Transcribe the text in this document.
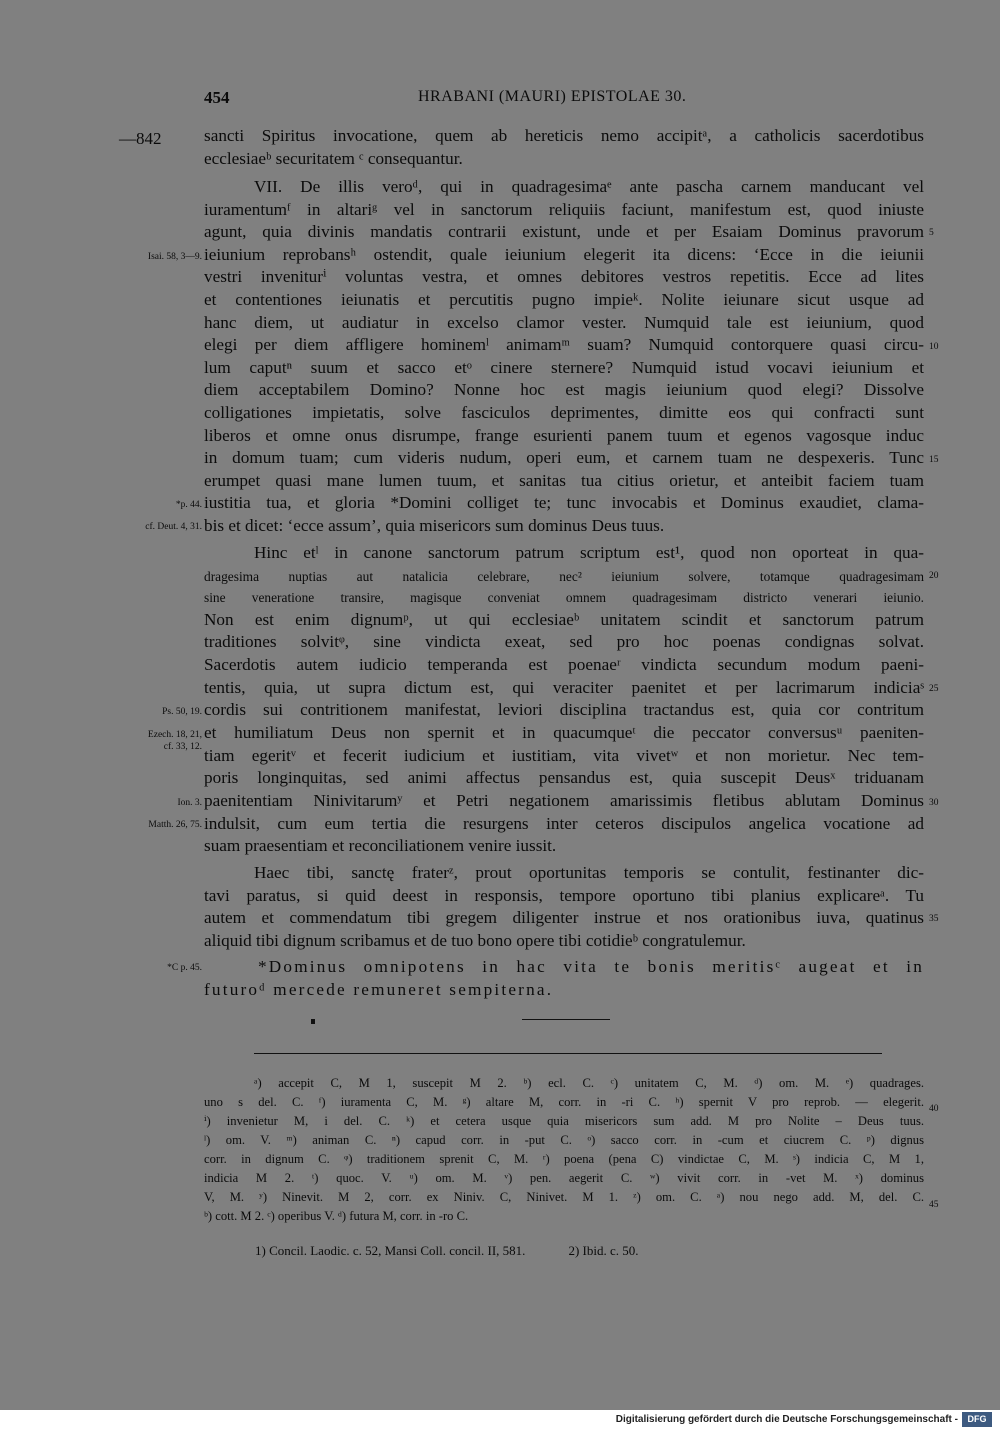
454	HRABANI (MAURI) EPISTOLAE 30.
—842 sancti Spiritus invocatione, quem ab hereticis nemo accipitᵃ, a catholicis sacerdotibus
ecclesiaeᵇ securitatem ᶜ consequantur.
VII. De illis veroᵈ, qui in quadragesimaᵉ ante pascha carnem manducant vel
iuramentumᶠ in altariᵍ vel in sanctorum reliquiis faciunt, manifestum est, quod iniuste
agunt, quia divinis mandatis contrarii existunt, unde et per Esaiam Dominus pravorum
ieiunium reprobansʰ ostendit, quale ieiunium elegerit ita dicens: ‘Ecce in die ieiunii
vestri inveniturⁱ voluntas vestra, et omnes debitores vestros repetitis. Ecce ad lites
et contentiones ieiunatis et percutitis pugno impieᵏ. Nolite ieiunare sicut usque ad
hanc diem, ut audiatur in excelso clamor vester. Numquid tale est ieiunium, quod
elegi per diem affligere hominemˡ animamᵐ suam? Numquid contorquere quasi circu-
lum caputⁿ suum et sacco etᵒ cinere sternere? Numquid istud vocavi ieiunium et
diem acceptabilem Domino? Nonne hoc est magis ieiunium quod elegi? Dissolve
colligationes impietatis, solve fasciculos deprimentes, dimitte eos qui confracti sunt
liberos et omne onus disrumpe, frange esurienti panem tuum et egenos vagosque induc
in domum tuam; cum videris nudum, operi eum, et carnem tuam ne despexeris. Tunc
erumpet quasi mane lumen tuum, et sanitas tua citius orietur, et anteibit faciem tuam
iustitia tua, et gloria *Domini colliget te; tunc invocabis et Dominus exaudiet, clama-
bis et dicet: ‘ecce assum’, quia misericors sum dominus Deus tuus.
Hinc etˡ in canone sanctorum patrum scriptum est¹, quod non oporteat in qua-
dragesima nuptias aut natalicia celebrare, nec² ieiunium solvere, totamque quadragesimam
sine veneratione transire, magisque conveniat omnem quadragesimam districto venerari ieiunio.
Non est enim dignumᵖ, ut qui ecclesiaeᵇ unitatem scindit et sanctorum patrum
traditiones solvitᵠ, sine vindicta exeat, sed pro hoc poenas condignas solvat.
Sacerdotis autem iudicio temperanda est poenaeʳ vindicta secundum modum paeni-
tentis, quia, ut supra dictum est, qui veraciter paenitet et per lacrimarum indiciaˢ
cordis sui contritionem manifestat, leviori disciplina tractandus est, quia cor contritum
et humiliatum Deus non spernit et in quacumqueᵗ die peccator conversusᵘ paeniten-
tiam egeritᵛ et fecerit iudicium et iustitiam, vita vivetʷ et non morietur. Nec tem-
poris longinquitas, sed animi affectus pensandus est, quia suscepit Deusˣ triduanam
paenitentiam Ninivitarumʸ et Petri negationem amarissimis fletibus ablutam Dominus
indulsit, cum eum tertia die resurgens inter ceteros discipulos angelica vocatione ad
suam praesentiam et reconciliationem venire iussit.
Haec tibi, sanctę fraterᶻ, prout oportunitas temporis se contulit, festinanter dic-
tavi paratus, si quid deest in responsis, tempore oportuno tibi planius explicareᵃ. Tu
autem et commendatum tibi gregem diligenter instrue et nos orationibus iuva, quatinus
aliquid tibi dignum scribamus et de tuo bono opere tibi cotidieᵇ congratulemur.
*Dominus omnipotens in hac vita te bonis meritisᶜ augeat et in
futuroᵈ mercede remuneret sempiterna.
Isai. 58, 3—9.
*p. 44.
cf. Deut. 4, 31.
Ps. 50, 19.
Ezech. 18, 21,
cf. 33, 12.
Ion. 3.
Matth. 26, 75.
*C p. 45.
5
10
15
20
25
30
35
40
45
ᵃ) accepit C, M 1, suscepit M 2. ᵇ) ecl. C. ᶜ) unitatem C, M. ᵈ) om. M. ᵉ) quadrages.
uno s del. C. ᶠ) iuramenta C, M. ᵍ) altare M, corr. in -ri C. ʰ) spernit V pro reprob. — elegerit.
ⁱ) invenietur M, i del. C. ᵏ) et cetera usque quia misericors sum add. M pro Nolite – Deus tuus.
ˡ) om. V. ᵐ) animan C. ⁿ) capud corr. in -put C. ᵒ) sacco corr. in -cum et ciucrem C. ᵖ) dignus
corr. in dignum C. ᵠ) traditionem sprenit C, M. ʳ) poena (pena C) vindictae C, M. ˢ) indicia C, M 1,
indicia M 2. ᵗ) quoc. V. ᵘ) om. M. ᵛ) pen. aegerit C. ʷ) vivit corr. in -vet M. ˣ) dominus
V, M. ʸ) Ninevit. M 2, corr. ex Niniv. C, Ninivet. M 1. ᶻ) om. C. ᵃ) nou nego add. M, del. C.
ᵇ) cott. M 2. ᶜ) operibus V. ᵈ) futura M, corr. in -ro C.
1) Concil. Laodic. c. 52, Mansi Coll. concil. II, 581.	2) Ibid. c. 50.
Digitalisierung gefördert durch die Deutsche Forschungsgemeinschaft -	DFG
